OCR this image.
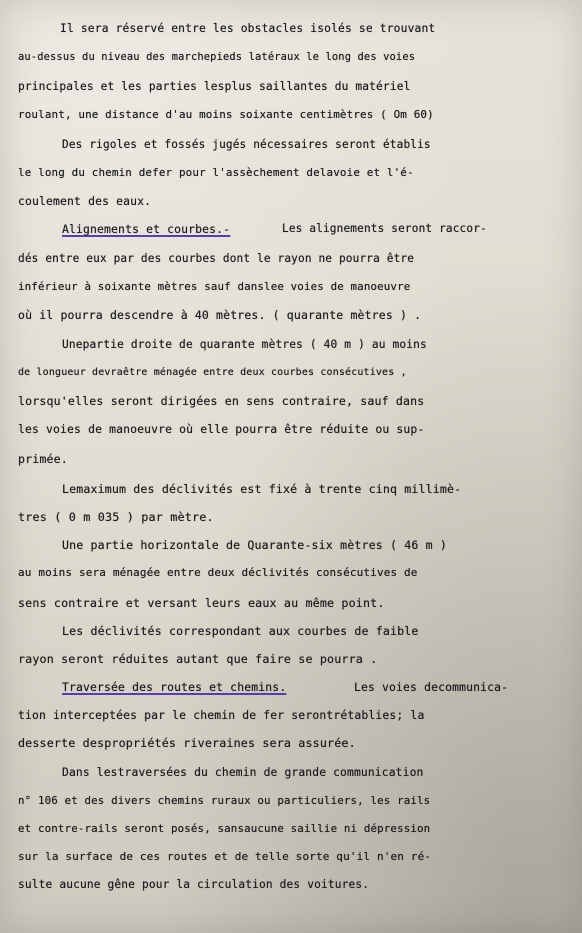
Il sera réservé entre les obstacles isolés se trouvant
au-dessus du niveau des marchepieds latéraux le long des voies
principales et les parties lesplus saillantes du matériel
roulant, une distance d'au moins soixante centimètres ( Om 60)
Des rigoles et fossés jugés nécessaires seront établis
le long du chemin defer pour l'assèchement delavoie et l'é-
coulement des eaux.
Alignements et courbes.-	Les alignements seront raccor-
dés entre eux par des courbes dont le rayon ne pourra être
inférieur à soixante mètres sauf danslee voies de manoeuvre
où il pourra descendre à 40 mètres. ( quarante mètres ) .
Unepartie droite de quarante mètres ( 40 m ) au moins
de longueur devraêtre ménagée entre deux courbes consécutives ,
lorsqu'elles seront dirigées en sens contraire, sauf dans
les voies de manoeuvre où elle pourra être réduite ou sup-
primée.
Lemaximum des déclivités est fixé à trente cinq millimè-
tres ( 0 m 035 ) par mètre.
Une partie horizontale de Quarante-six mètres ( 46 m )
au moins sera ménagée entre deux déclivités consécutives de
sens contraire et versant leurs eaux au même point.
Les déclivités correspondant aux courbes de faible
rayon seront réduites autant que faire se pourra .
Traversée des routes et chemins.	Les voies decommunica-
tion interceptées par le chemin de fer serontrétablies; la
desserte despropriétés riveraines sera assurée.
Dans lestraversées du chemin de grande communication
n° 106 et des divers chemins ruraux ou particuliers, les rails
et contre-rails seront posés, sansaucune saillie ni dépression
sur la surface de ces routes et de telle sorte qu'il n'en ré-
sulte aucune gêne pour la circulation des voitures.
